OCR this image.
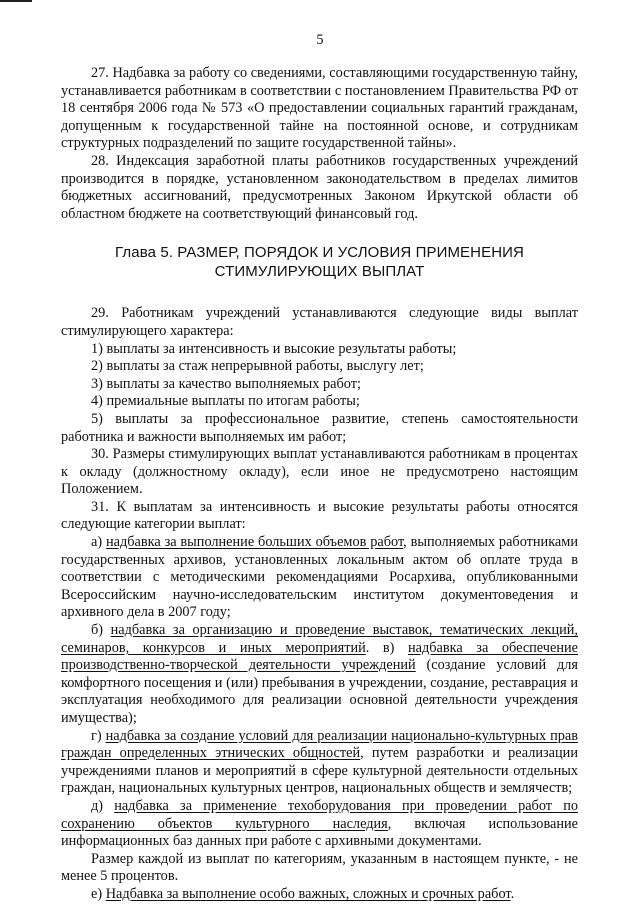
5

27. Надбавка за работу со сведениями, составляющими государственную тайну, устанавливается работникам в соответствии с постановлением Правительства РФ от 18 сентября 2006 года № 573 «О предоставлении социальных гарантий гражданам, допущенным к государственной тайне на постоянной основе, и сотрудникам структурных подразделений по защите государственной тайны».

28. Индексация заработной платы работников государственных учреждений производится в порядке, установленном законодательством в пределах лимитов бюджетных ассигнований, предусмотренных Законом Иркутской области об областном бюджете на соответствующий финансовый год.

Глава 5. РАЗМЕР, ПОРЯДОК И УСЛОВИЯ ПРИМЕНЕНИЯ
СТИМУЛИРУЮЩИХ ВЫПЛАТ

29. Работникам учреждений устанавливаются следующие виды выплат стимулирующего характера:

1) выплаты за интенсивность и высокие результаты работы;

2) выплаты за стаж непрерывной работы, выслугу лет;

3) выплаты за качество выполняемых работ;

4) премиальные выплаты по итогам работы;

5) выплаты за профессиональное развитие, степень самостоятельности работника и важности выполняемых им работ;

30. Размеры стимулирующих выплат устанавливаются работникам в процентах к окладу (должностному окладу), если иное не предусмотрено настоящим Положением.

31. К выплатам за интенсивность и высокие результаты работы относятся следующие категории выплат:

а) надбавка за выполнение больших объемов работ, выполняемых работниками государственных архивов, установленных локальным актом об оплате труда в соответствии с методическими рекомендациями Росархива, опубликованными Всероссийским научно-исследовательским институтом документоведения и архивного дела в 2007 году;

б) надбавка за организацию и проведение выставок, тематических лекций, семинаров, конкурсов и иных мероприятий. в) надбавка за обеспечение производственно-творческой деятельности учреждений (создание условий для комфортного посещения и (или) пребывания в учреждении, создание, реставрация и эксплуатация необходимого для реализации основной деятельности учреждения имущества);

г) надбавка за создание условий для реализации национально-культурных прав граждан определенных этнических общностей, путем разработки и реализации учреждениями планов и мероприятий в сфере культурной деятельности отдельных граждан, национальных культурных центров, национальных обществ и землячеств;

д) надбавка за применение техоборудования при проведении работ по сохранению объектов культурного наследия, включая использование информационных баз данных при работе с архивными документами.

Размер каждой из выплат по категориям, указанным в настоящем пункте, - не менее 5 процентов.

е) Надбавка за выполнение особо важных, сложных и срочных работ.
